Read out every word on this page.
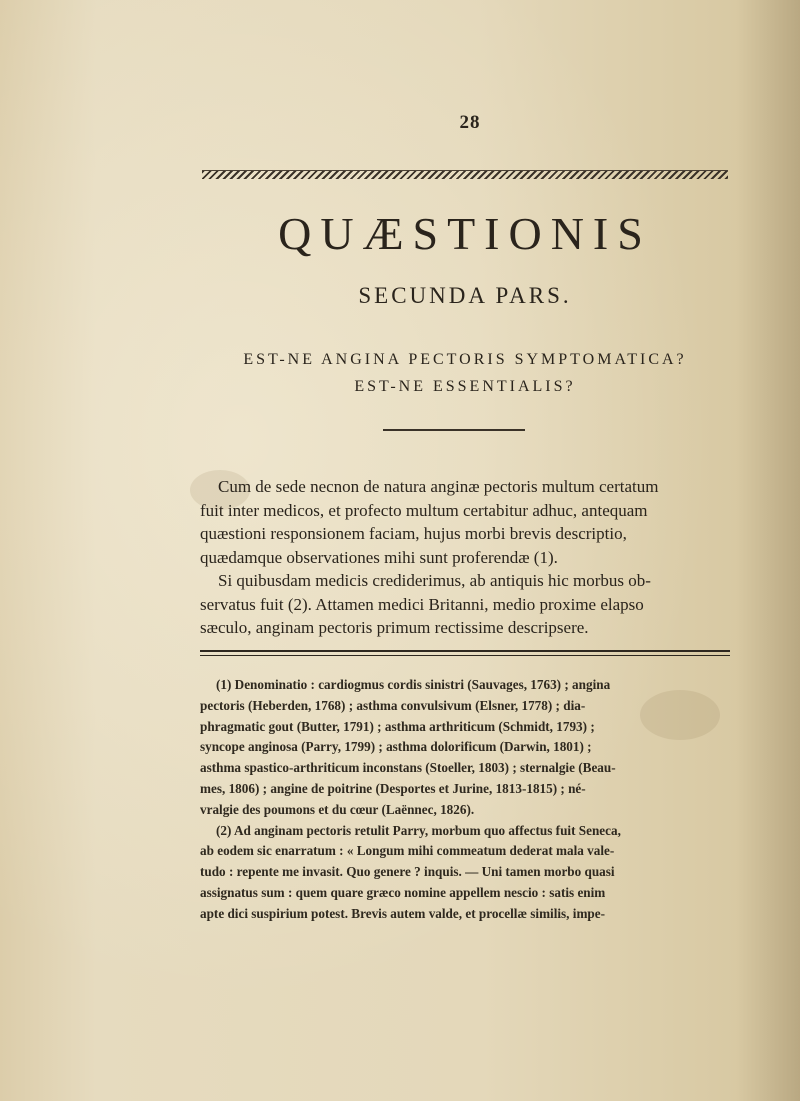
28
QUÆSTIONIS
SECUNDA PARS.
EST-NE ANGINA PECTORIS SYMPTOMATICA?
EST-NE ESSENTIALIS?
Cum de sede necnon de natura anginæ pectoris multum certatum
fuit inter medicos, et profecto multum certabitur adhuc, antequam
quæstioni responsionem faciam, hujus morbi brevis descriptio,
quædamque observationes mihi sunt proferendæ (1).
Si quibusdam medicis crediderimus, ab antiquis hic morbus ob-
servatus fuit (2). Attamen medici Britanni, medio proxime elapso
sæculo, anginam pectoris primum rectissime descripsere.
(1) Denominatio : cardiogmus cordis sinistri (Sauvages, 1763) ; angina
pectoris (Heberden, 1768) ; asthma convulsivum (Elsner, 1778) ; dia-
phragmatic gout (Butter, 1791) ; asthma arthriticum (Schmidt, 1793) ;
syncope anginosa (Parry, 1799) ; asthma dolorificum (Darwin, 1801) ;
asthma spastico-arthriticum inconstans (Stoeller, 1803) ; sternalgie (Beau-
mes, 1806) ; angine de poitrine (Desportes et Jurine, 1813-1815) ; né-
vralgie des poumons et du cœur (Laënnec, 1826).
(2) Ad anginam pectoris retulit Parry, morbum quo affectus fuit Seneca,
ab eodem sic enarratum : « Longum mihi commeatum dederat mala vale-
tudo : repente me invasit. Quo genere ? inquis. — Uni tamen morbo quasi
assignatus sum : quem quare græco nomine appellem nescio : satis enim
apte dici suspirium potest. Brevis autem valde, et procellæ similis, impe-
